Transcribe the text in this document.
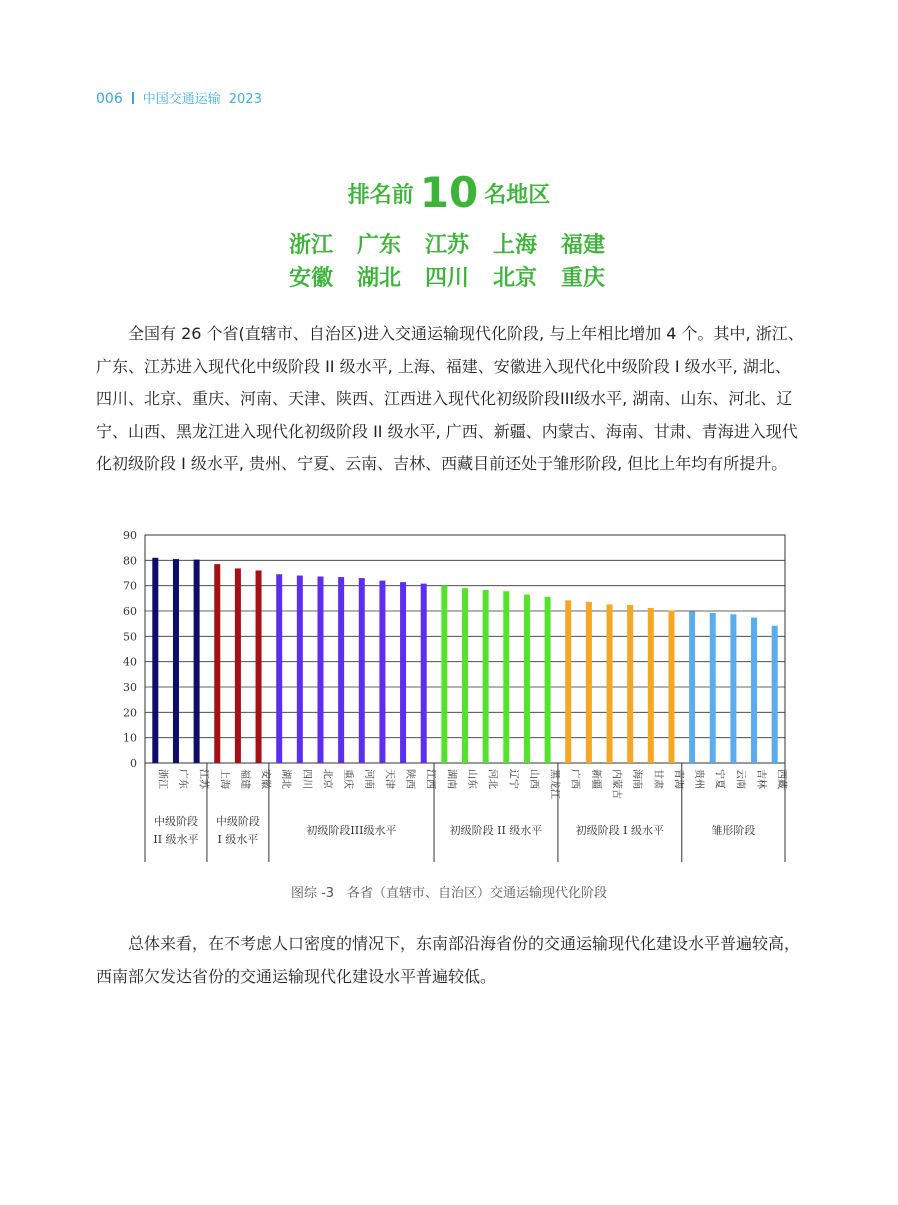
006 中国交通运输 2023
排名前 10 名地区
浙江 广东 江苏 上海 福建
安徽 湖北 四川 北京 重庆
全国有 26 个省(直辖市、自治区)进入交通运输现代化阶段, 与上年相比增加 4 个。其中, 浙江、广东、江苏进入现代化中级阶段 II 级水平, 上海、福建、安徽进入现代化中级阶段 I 级水平, 湖北、四川、北京、重庆、河南、天津、陕西、江西进入现代化初级阶段III级水平, 湖南、山东、河北、辽宁、山西、黑龙江进入现代化初级阶段 II 级水平, 广西、新疆、内蒙古、海南、甘肃、青海进入现代化初级阶段 I 级水平, 贵州、宁夏、云南、吉林、西藏目前还处于雏形阶段, 但比上年均有所提升。
0
10
20
30
40
50
60
70
80
90
浙江 广东 江苏 上海 福建 安徽 湖北 四川 北京 重庆 河南 天津 陕西 江西 湖南 山东 河北 辽宁 山西 黑龙江 广西 新疆 内蒙古 海南 甘肃 青海 贵州 宁夏 云南 吉林 西藏
中级阶段
II 级水平
中级阶段
I 级水平
初级阶段III级水平	初级阶段 II 级水平	初级阶段 I 级水平	雏形阶段
图综 -3　各省（直辖市、自治区）交通运输现代化阶段
总体来看，在不考虑人口密度的情况下，东南部沿海省份的交通运输现代化建设水平普遍较高，西南部欠发达省份的交通运输现代化建设水平普遍较低。
